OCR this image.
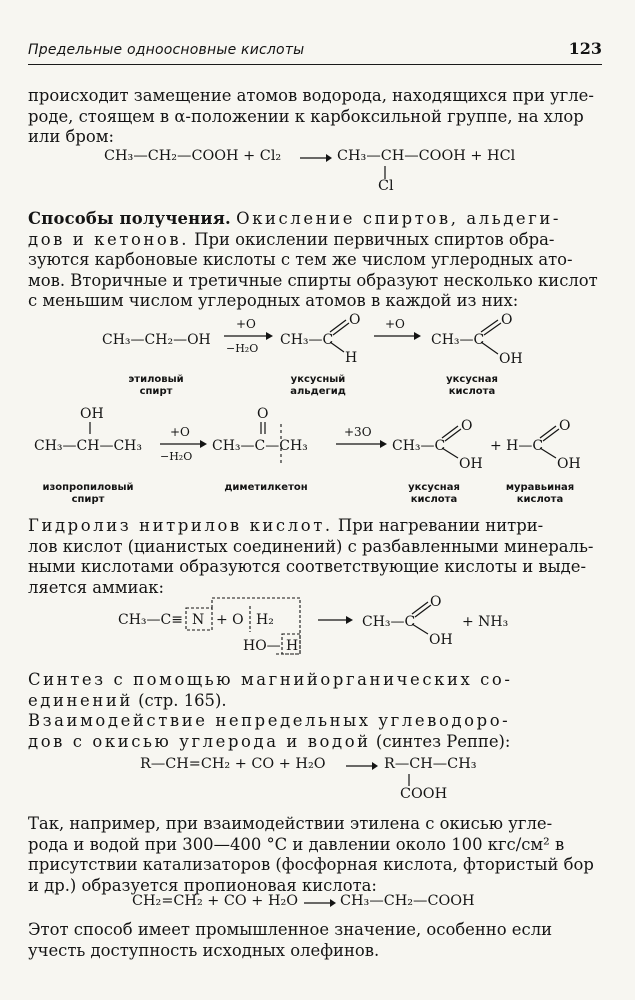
Предельные одноосновные кислоты	123
происходит замещение атомов водорода, находящихся при угле-
роде, стоящем в α-положении к карбоксильной группе, на хлор
или бром:
CH₃—CH₂—COOH + Cl₂ → CH₃—CH—COOH + HCl
Cl
Способы получения. Окисление спиртов, альдеги-
дов и кетонов. При окислении первичных спиртов обра-
зуются карбоновые кислоты с тем же числом углеродных ато-
мов. Вторичные и третичные спирты образуют несколько кислот
с меньшим числом углеродных атомов в каждой из них:
CH₃—CH₂—OH
+O
−H₂O
CH₃—C
O
H
+O
CH₃—C
O
OH
этиловый
спирт
уксусный
альдегид
уксусная
кислота
OH
CH₃—CH—CH₃
+O
−H₂O
O
CH₃—C—CH₃
+3O
CH₃—C
O
OH
+ H—C
O
OH
изопропиловый
спирт
диметилкетон	уксусная
кислота
муравьиная
кислота
Гидролиз нитрилов кислот. При нагревании нитри-
лов кислот (цианистых соединений) с разбавленными минераль-
ными кислотами образуются соответствующие кислоты и выде-
ляется аммиак:
CH₃—C≡ N + O H₂
HO— H
CH₃—C
O
OH
+ NH₃
Синтез с помощью магнийорганических со-
единений (стр. 165).
Взаимодействие непредельных углеводоро-
дов с окисью углерода и водой (синтез Реппе):
R—CH=CH₂ + CO + H₂O → R—CH—CH₃
COOH
Так, например, при взаимодействии этилена с окисью угле-
рода и водой при 300—400 °C и давлении около 100 кгс/см² в
присутствии катализаторов (фосфорная кислота, фтористый бор
и др.) образуется пропионовая кислота:
CH₂=CH₂ + CO + H₂O → CH₃—CH₂—COOH
Этот способ имеет промышленное значение, особенно если
учесть доступность исходных олефинов.
